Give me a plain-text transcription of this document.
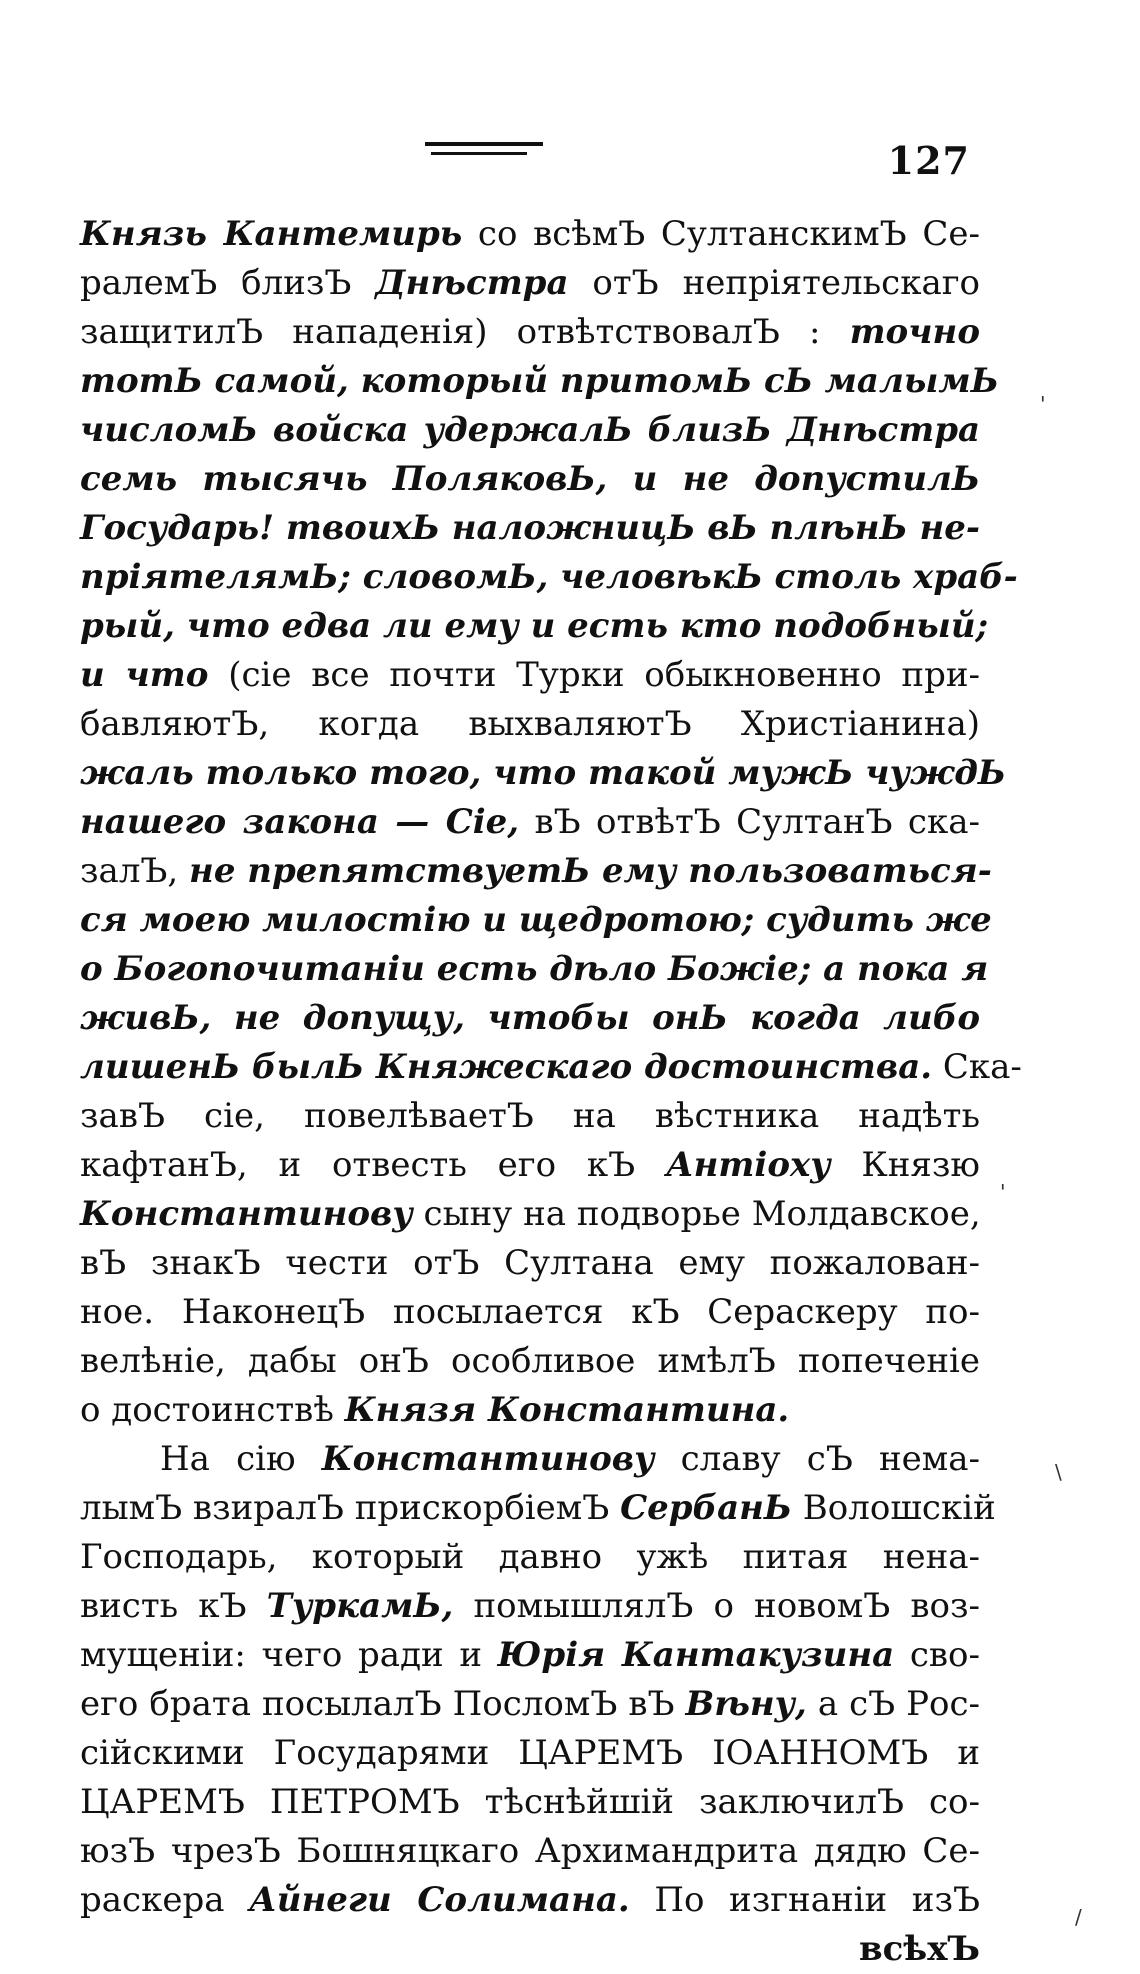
127
Князь Кантемирь со всѣмЪ СултанскимЪ Се-
ралемЪ близЪ Днѣстра отЪ непріятельскаго
защитилЪ нападенія) отвѣтствовалЪ : точно
тотЬ самой, который притомЬ сЬ малымЬ
числомЬ войска удержалЬ близЬ Днѣстра
семь тысячь ПоляковЬ, и не допустилЬ
Государь! твоихЬ наложницЬ вЬ плѣнЬ не-
пріятелямЬ; словомЬ, человѣкЬ столь храб-
рый, что едва ли ему и есть кто подобный;
и что (сіе все почти Турки обыкновенно при-
бавляютЪ, когда выхваляютЪ Христіанина)
жаль только того, что такой мужЬ чуждЬ
нашего закона — Сіе, вЪ отвѣтЪ СултанЪ ска-
залЪ, не препятствуетЬ ему пользоваться-
ся моею милостію и щедротою; судить же
о Богопочитаніи есть дѣло Божіе; а пока я
живЬ, не допущу, чтобы онЬ когда либо
лишенЬ былЬ Княжескаго достоинства. Ска-
завЪ сіе, повелѣваетЪ на вѣстника надѣть
кафтанЪ, и отвесть его кЪ Антіоху Князю
Константинову сыну на подворье Молдавское,
вЪ знакЪ чести отЪ Султана ему пожалован-
ное. НаконецЪ посылается кЪ Сераскеру по-
велѣніе, дабы онЪ особливое имѣлЪ попеченіе
о достоинствѣ Князя Константина.
На сію Константинову славу сЪ нема-
лымЪ взиралЪ прискорбіемЪ СербанЬ Волошскій
Господарь, который давно ужѣ питая нена-
висть кЪ ТуркамЬ, помышлялЪ о новомЪ воз-
мущеніи: чего ради и Юрія Кантакузина сво-
его брата посылалЪ ПосломЪ вЪ Вѣну, а сЪ Рос-
сійскими Государями ЦАРЕМЪ ІОАННОМЪ и
ЦАРЕМЪ ПЕТРОМЪ тѣснѣйшій заключилЪ со-
юзЪ чрезЪ Бошняцкаго Архимандрита дядю Се-
раскера Айнеги Солимана. По изгнаніи изЪ
всѣхЪ
'
'
\
/
